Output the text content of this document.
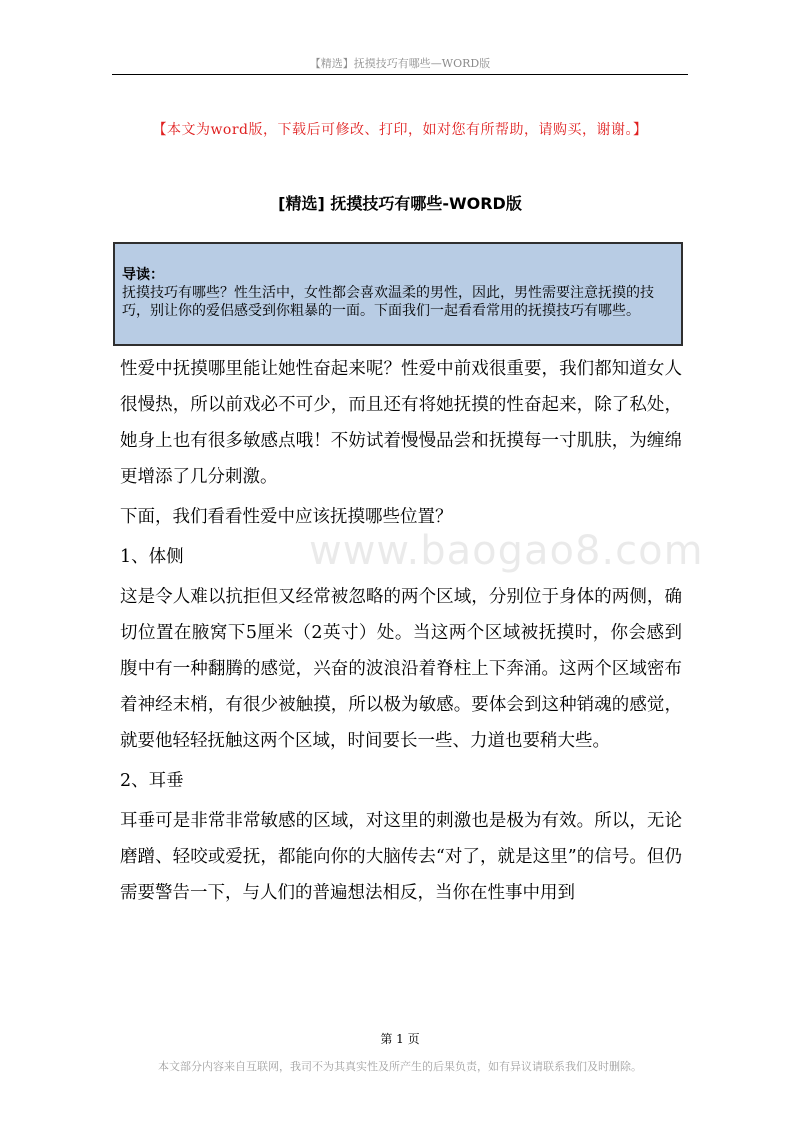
【精选】抚摸技巧有哪些—WORD版
【本文为word版，下载后可修改、打印，如对您有所帮助，请购买，谢谢。】
[精选] 抚摸技巧有哪些-WORD版
导读：

抚摸技巧有哪些？性生活中，女性都会喜欢温柔的男性，因此，男性需要注意抚摸的技巧，别让你的爱侣感受到你粗暴的一面。下面我们一起看看常用的抚摸技巧有哪些。

性爱中抚摸哪里能让她性奋起来呢？性爱中前戏很重要，我们都知道女人很慢热，所以前戏必不可少，而且还有将她抚摸的性奋起来，除了私处，她身上也有很多敏感点哦！不妨试着慢慢品尝和抚摸每一寸肌肤，为缠绵更增添了几分刺激。

下面，我们看看性爱中应该抚摸哪些位置？

1、体侧

这是令人难以抗拒但又经常被忽略的两个区域，分别位于身体的两侧，确切位置在腋窝下5厘米（2英寸）处。当这两个区域被抚摸时，你会感到腹中有一种翻腾的感觉，兴奋的波浪沿着脊柱上下奔涌。这两个区域密布着神经末梢，有很少被触摸，所以极为敏感。要体会到这种销魂的感觉，就要他轻轻抚触这两个区域，时间要长一些、力道也要稍大些。

2、耳垂

耳垂可是非常非常敏感的区域，对这里的刺激也是极为有效。所以，无论磨蹭、轻咬或爱抚，都能向你的大脑传去“对了，就是这里”的信号。但仍需要警告一下，与人们的普遍想法相反，当你在性事中用到

www.baogao8.com
第 1 页
本文部分内容来自互联网，我司不为其真实性及所产生的后果负责，如有异议请联系我们及时删除。
